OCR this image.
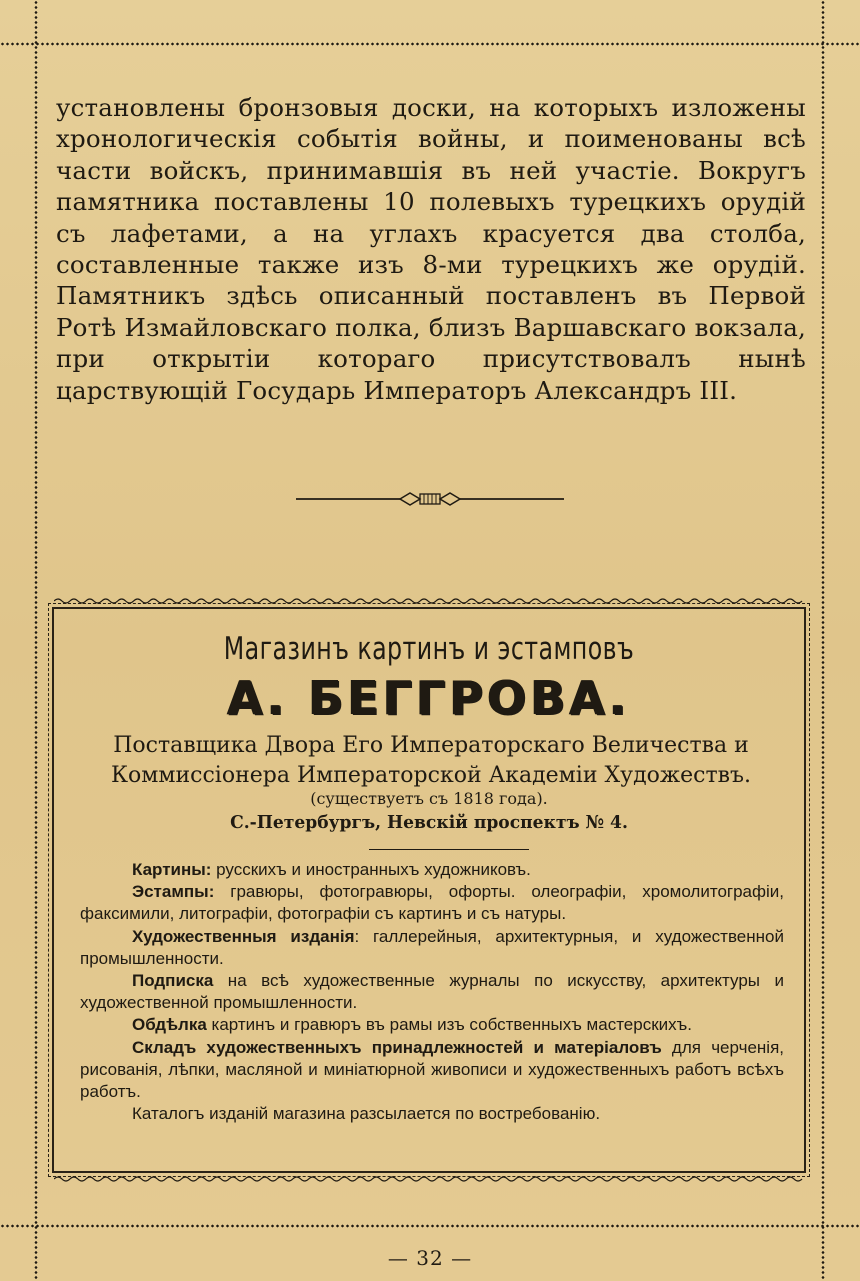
установлены бронзовыя доски, на которыхъ изложены хронологическія событія войны, и поименованы всѣ части войскъ, принимавшія въ ней участіе. Вокругъ памятника поставлены 10 полевыхъ турецкихъ орудій съ лафетами, а на углахъ красуется два столба, составленные также изъ 8-ми турецкихъ же орудій. Памятникъ здѣсь описанный поставленъ въ Первой Ротѣ Измайловскаго полка, близъ Варшавскаго вокзала, при открытіи котораго присутствовалъ нынѣ царствующій Государь Императоръ Александръ III.

Магазинъ картинъ и эстамповъ
А. БЕГГРОВА.
Поставщика Двора Его Императорскаго Величества и Коммиссіонера Императорской Академіи Художествъ.
(существуетъ съ 1818 года).
С.-Петербургъ, Невскій проспектъ № 4.

Картины: русскихъ и иностранныхъ художниковъ.

Эстампы: гравюры, фотогравюры, офорты. олеографіи, хромолитографіи, факсимили, литографіи, фотографіи съ картинъ и съ натуры.

Художественныя изданія: галлерейныя, архитектурныя, и художественной промышленности.

Подписка на всѣ художественные журналы по искусству, архитектуры и художественной промышленности.

Обдѣлка картинъ и гравюръ въ рамы изъ собственныхъ мастерскихъ.

Складъ художественныхъ принадлежностей и матеріаловъ для черченія, рисованія, лѣпки, масляной и миніатюрной живописи и художественныхъ работъ всѣхъ работъ.

Каталогъ изданій магазина разсылается по востребованію.

— 32 —
